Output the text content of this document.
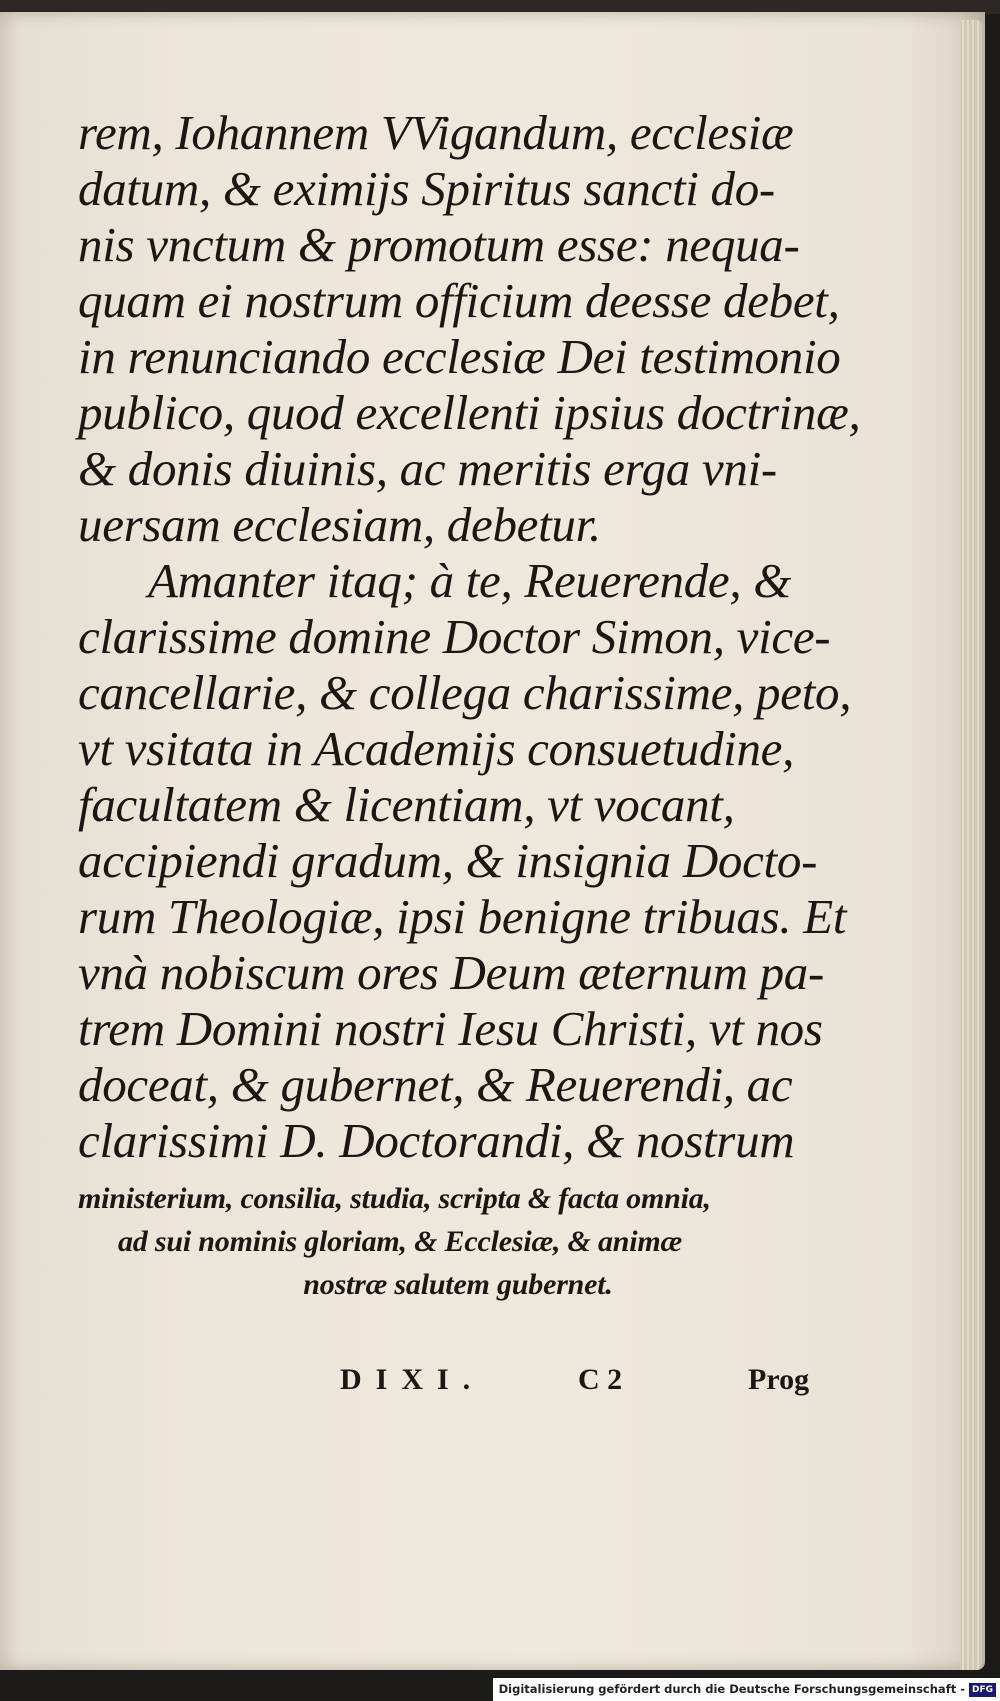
rem, Iohannem VVigandum, ecclesiæ
datum, & eximijs Spiritus sancti do-
nis vnctum & promotum esse: nequa-
quam ei nostrum officium deesse debet,
in renunciando ecclesiæ Dei testimonio
publico, quod excellenti ipsius doctrinæ,
& donis diuinis, ac meritis erga vni-
uersam ecclesiam, debetur.
Amanter itaq; à te, Reuerende, &
clarissime domine Doctor Simon, vice-
cancellarie, & collega charissime, peto,
vt vsitata in Academijs consuetudine,
facultatem & licentiam, vt vocant,
accipiendi gradum, & insignia Docto-
rum Theologiæ, ipsi benigne tribuas. Et
vnà nobiscum ores Deum æternum pa-
trem Domini nostri Iesu Christi, vt nos
doceat, & gubernet, & Reuerendi, ac
clarissimi D. Doctorandi, & nostrum
ministerium, consilia, studia, scripta & facta omnia,
ad sui nominis gloriam, & Ecclesiæ, & animæ
nostræ salutem gubernet.
DIXI.	C 2	Prog
Digitalisierung gefördert durch die Deutsche Forschungsgemeinschaft - DFG
